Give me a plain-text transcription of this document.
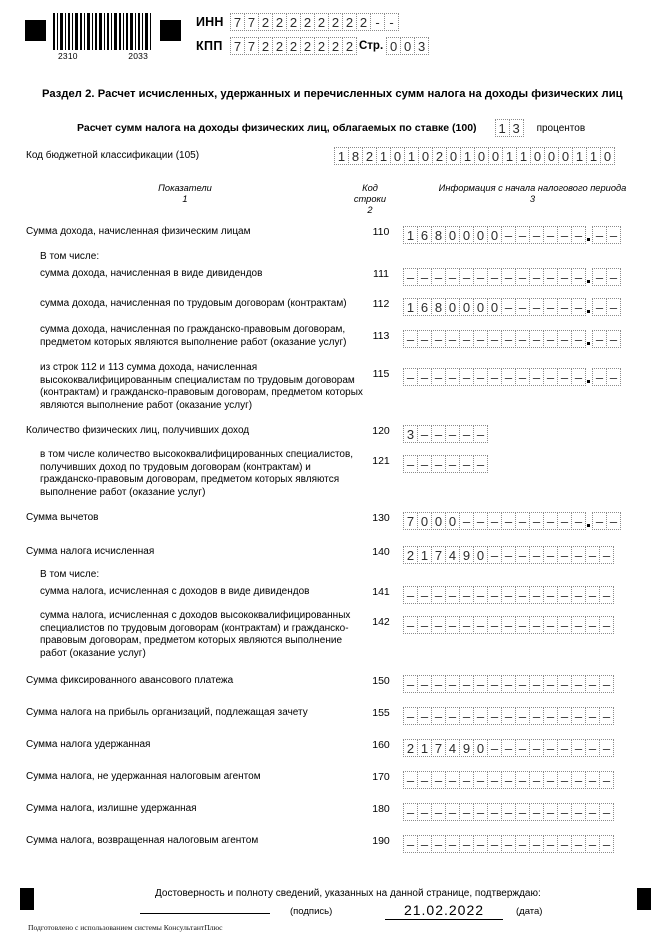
2310	2033
ИНН 7 7 2 2 2 2 2 2 2 2 - -
КПП 7 7 2 2 2 2 2 2 2 Стр. 0 0 3
Раздел 2. Расчет исчисленных, удержанных и перечисленных сумм налога на доходы физических лиц
Расчет сумм налога на доходы физических лиц, облагаемых по ставке (100) 1 3	процентов
Код бюджетной классификации (105)	1 8 2 1 0 1 0 2 0 1 0 0 1 1 0 0 0 1 1 0
Показатели
1
Код
строки
2
Информация с начала налогового периода
3
В том числе:
В том числе:
Сумма дохода, начисленная физическим лицам	110	1 6 8 0 0 0 0 – – – – – – – –
сумма дохода, начисленная в виде дивидендов	111	– – – – – – – – – – – – – – –
сумма дохода, начисленная по трудовым договорам (контрактам)	112	1 6 8 0 0 0 0 – – – – – – – –
сумма дохода, начисленная по гражданско-правовым договорам, предметом которых являются выполнение работ (оказание услуг)
113	– – – – – – – – – – – – – – –
из строк 112 и 113 сумма дохода, начисленная высококвалифицированным специалистам по трудовым договорам (контрактам) и гражданско-правовым договорам, предметом которых являются выполнение работ (оказание услуг)
115	– – – – – – – – – – – – – – –
Количество физических лиц, получивших доход	120	3 – – – – –
в том числе количество высококвалифицированных специалистов, получивших доход по трудовым договорам (контрактам) и гражданско-правовым договорам, предметом которых являются выполнение работ (оказание услуг)
121	– – – – – –
Сумма вычетов	130	7 0 0 0 – – – – – – – – – – –
Сумма налога исчисленная	140	2 1 7 4 9 0 – – – – – – – – –
сумма налога, исчисленная с доходов в виде дивидендов	141	– – – – – – – – – – – – – – –
сумма налога, исчисленная с доходов высококвалифицированных специалистов по трудовым договорам (контрактам) и гражданско-правовым договорам, предметом которых являются выполнение работ (оказание услуг)
142	– – – – – – – – – – – – – – –
Сумма фиксированного авансового платежа	150	– – – – – – – – – – – – – – –
Сумма налога на прибыль организаций, подлежащая зачету	155	– – – – – – – – – – – – – – –
Сумма налога удержанная	160	2 1 7 4 9 0 – – – – – – – – –
Сумма налога, не удержанная налоговым агентом	170	– – – – – – – – – – – – – – –
Сумма налога, излишне удержанная	180	– – – – – – – – – – – – – – –
Сумма налога, возвращенная налоговым агентом	190	– – – – – – – – – – – – – – –
Достоверность и полноту сведений, указанных на данной странице, подтверждаю:
(подпись)	21.02.2022	(дата)
Подготовлено с использованием системы КонсультантПлюс
